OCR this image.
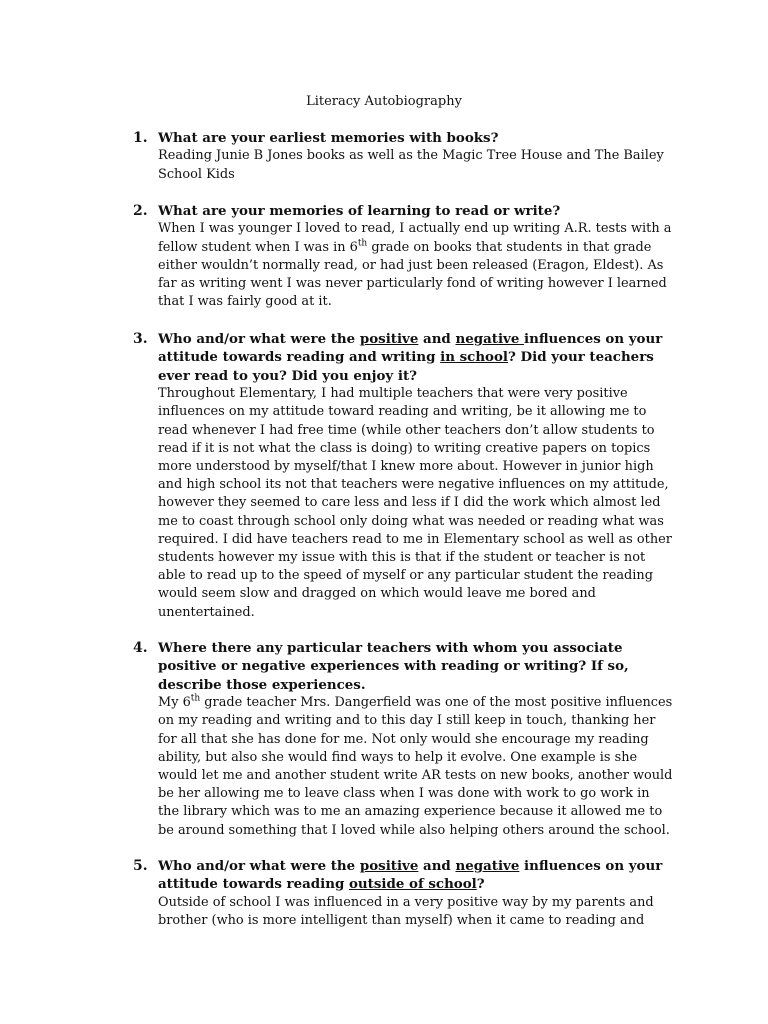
Literacy Autobiography
1. What are your earliest memories with books?
Reading Junie B Jones books as well as the Magic Tree House and The Bailey School Kids
2. What are your memories of learning to read or write?
When I was younger I loved to read, I actually end up writing A.R. tests with a fellow student when I was in 6th grade on books that students in that grade either wouldn’t normally read, or had just been released (Eragon, Eldest). As far as writing went I was never particularly fond of writing however I learned that I was fairly good at it.
3. Who and/or what were the positive and negative influences on your attitude towards reading and writing in school? Did your teachers ever read to you? Did you enjoy it?
Throughout Elementary, I had multiple teachers that were very positive influences on my attitude toward reading and writing, be it allowing me to read whenever I had free time (while other teachers don’t allow students to read if it is not what the class is doing) to writing creative papers on topics more understood by myself/that I knew more about. However in junior high and high school its not that teachers were negative influences on my attitude, however they seemed to care less and less if I did the work which almost led me to coast through school only doing what was needed or reading what was required. I did have teachers read to me in Elementary school as well as other students however my issue with this is that if the student or teacher is not able to read up to the speed of myself or any particular student the reading would seem slow and dragged on which would leave me bored and unentertained.
4. Where there any particular teachers with whom you associate positive or negative experiences with reading or writing? If so, describe those experiences.
My 6th grade teacher Mrs. Dangerfield was one of the most positive influences on my reading and writing and to this day I still keep in touch, thanking her for all that she has done for me. Not only would she encourage my reading ability, but also she would find ways to help it evolve. One example is she would let me and another student write AR tests on new books, another would be her allowing me to leave class when I was done with work to go work in the library which was to me an amazing experience because it allowed me to be around something that I loved while also helping others around the school.
5. Who and/or what were the positive and negative influences on your attitude towards reading outside of school?
Outside of school I was influenced in a very positive way by my parents and brother (who is more intelligent than myself) when it came to reading and
